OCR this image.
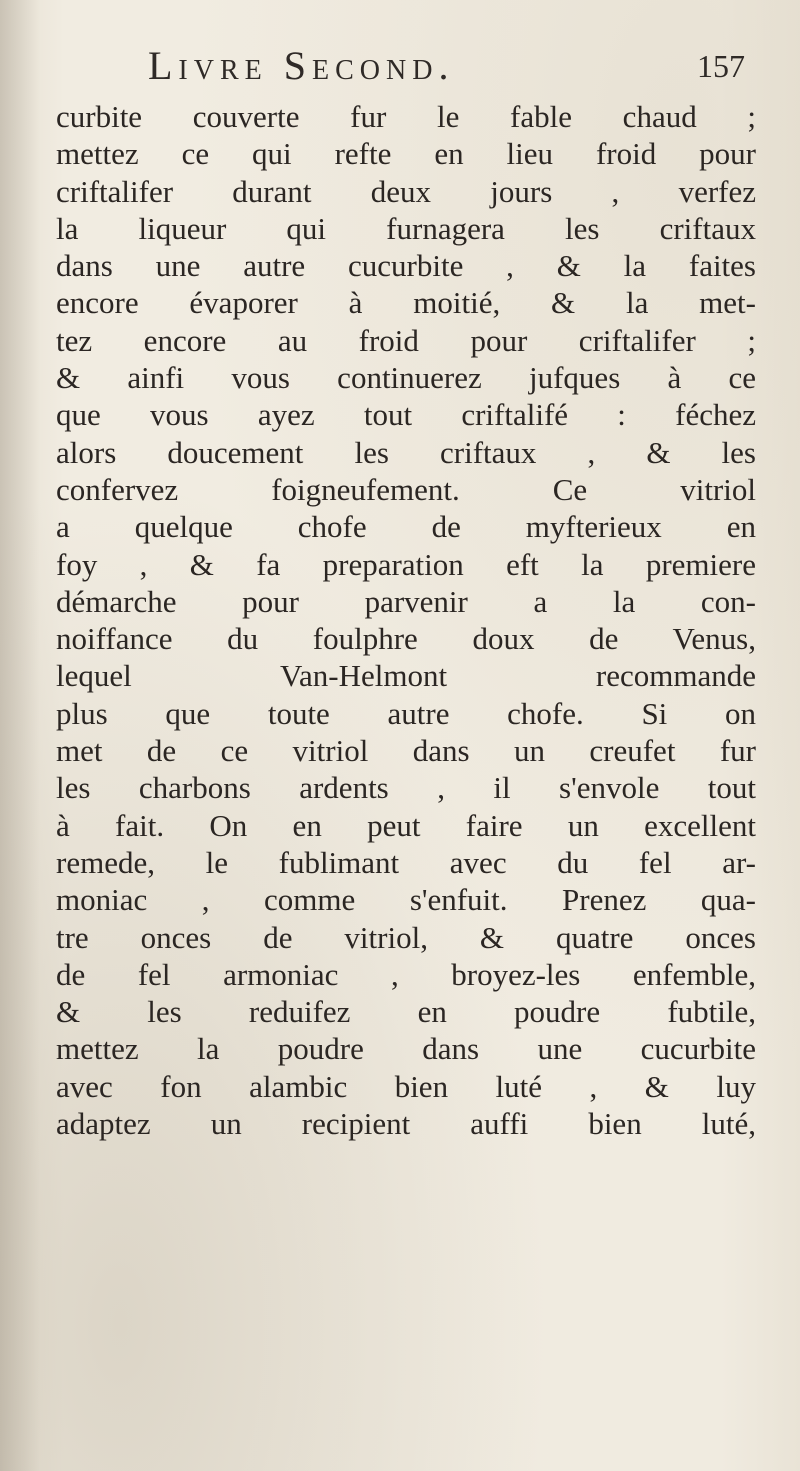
Livre Second.	157
curbite couverte fur le fable chaud ;
mettez ce qui refte en lieu froid pour
criftalifer durant deux jours , verfez
la liqueur qui furnagera les criftaux
dans une autre cucurbite , & la faites
encore évaporer à moitié, & la met-
tez encore au froid pour criftalifer ;
& ainfi vous continuerez jufques à ce
que vous ayez tout criftalifé : féchez
alors doucement les criftaux , & les
confervez foigneufement. Ce vitriol
a quelque chofe de myfterieux en
foy , & fa preparation eft la premiere
démarche pour parvenir a la con-
noiffance du foulphre doux de Venus,
lequel Van-Helmont recommande
plus que toute autre chofe. Si on
met de ce vitriol dans un creufet fur
les charbons ardents , il s'envole tout
à fait. On en peut faire un excellent
remede, le fublimant avec du fel ar-
moniac , comme s'enfuit. Prenez qua-
tre onces de vitriol, & quatre onces
de fel armoniac , broyez-les enfemble,
& les reduifez en poudre fubtile,
mettez la poudre dans une cucurbite
avec fon alambic bien luté , & luy
adaptez un recipient auffi bien luté,
